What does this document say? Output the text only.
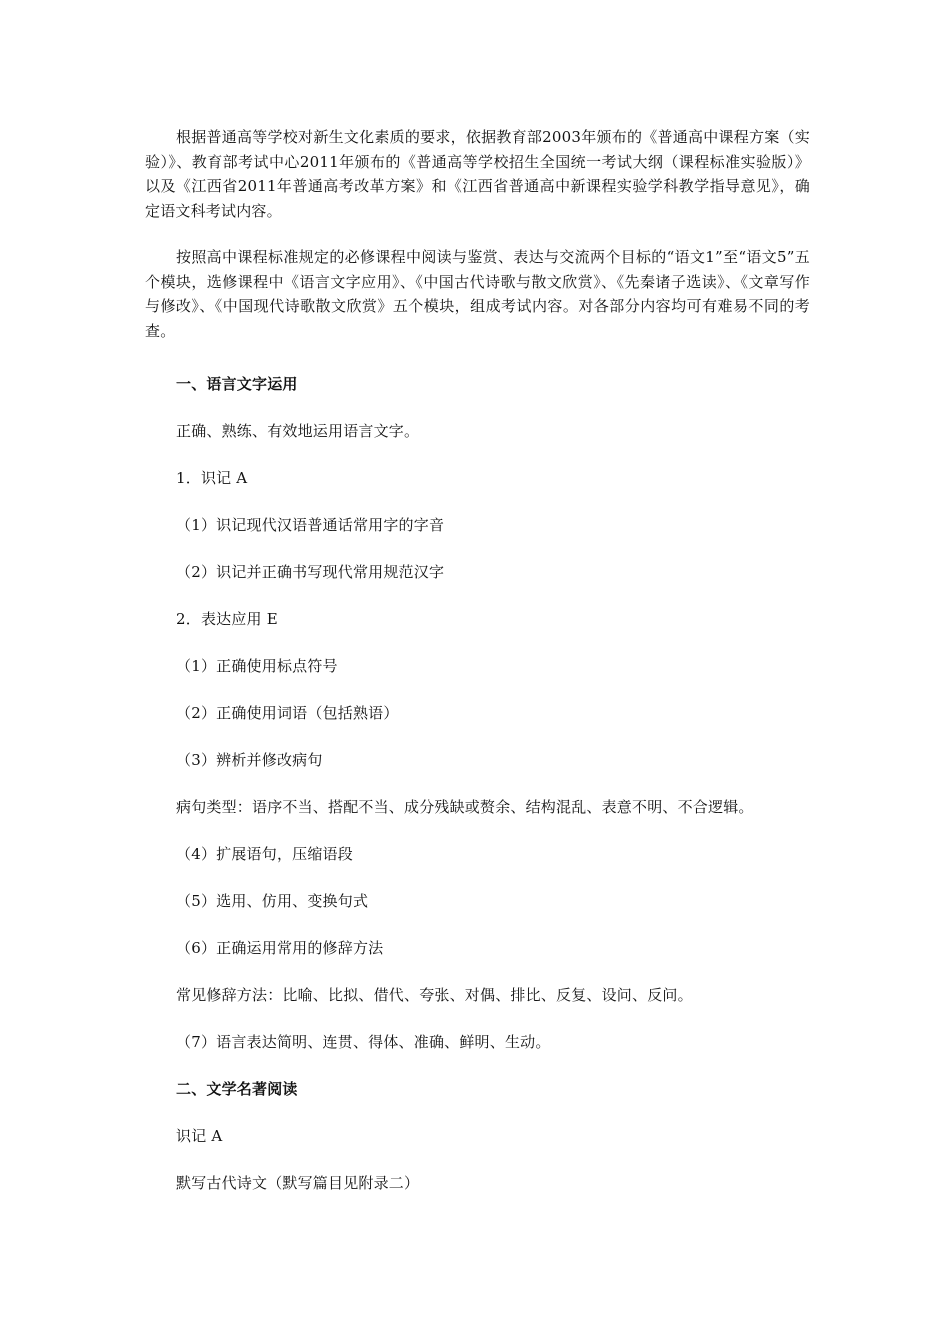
根据普通高等学校对新生文化素质的要求，依据教育部2003年颁布的《普通高中课程方案（实验）》、教育部考试中心2011年颁布的《普通高等学校招生全国统一考试大纲（课程标准实验版）》以及《江西省2011年普通高考改革方案》和《江西省普通高中新课程实验学科教学指导意见》，确定语文科考试内容。

按照高中课程标准规定的必修课程中阅读与鉴赏、表达与交流两个目标的“语文1”至“语文5”五个模块，选修课程中《语言文字应用》、《中国古代诗歌与散文欣赏》、《先秦诸子选读》、《文章写作与修改》、《中国现代诗歌散文欣赏》五个模块，组成考试内容。对各部分内容均可有难易不同的考查。

一、语言文字运用
正确、熟练、有效地运用语言文字。
1．识记 A
（1）识记现代汉语普通话常用字的字音
（2）识记并正确书写现代常用规范汉字
2．表达应用 E
（1）正确使用标点符号
（2）正确使用词语（包括熟语）
（3）辨析并修改病句
病句类型：语序不当、搭配不当、成分残缺或赘余、结构混乱、表意不明、不合逻辑。
（4）扩展语句，压缩语段
（5）选用、仿用、变换句式
（6）正确运用常用的修辞方法
常见修辞方法：比喻、比拟、借代、夸张、对偶、排比、反复、设问、反问。
（7）语言表达简明、连贯、得体、准确、鲜明、生动。
二、文学名著阅读
识记 A
默写古代诗文（默写篇目见附录二）
